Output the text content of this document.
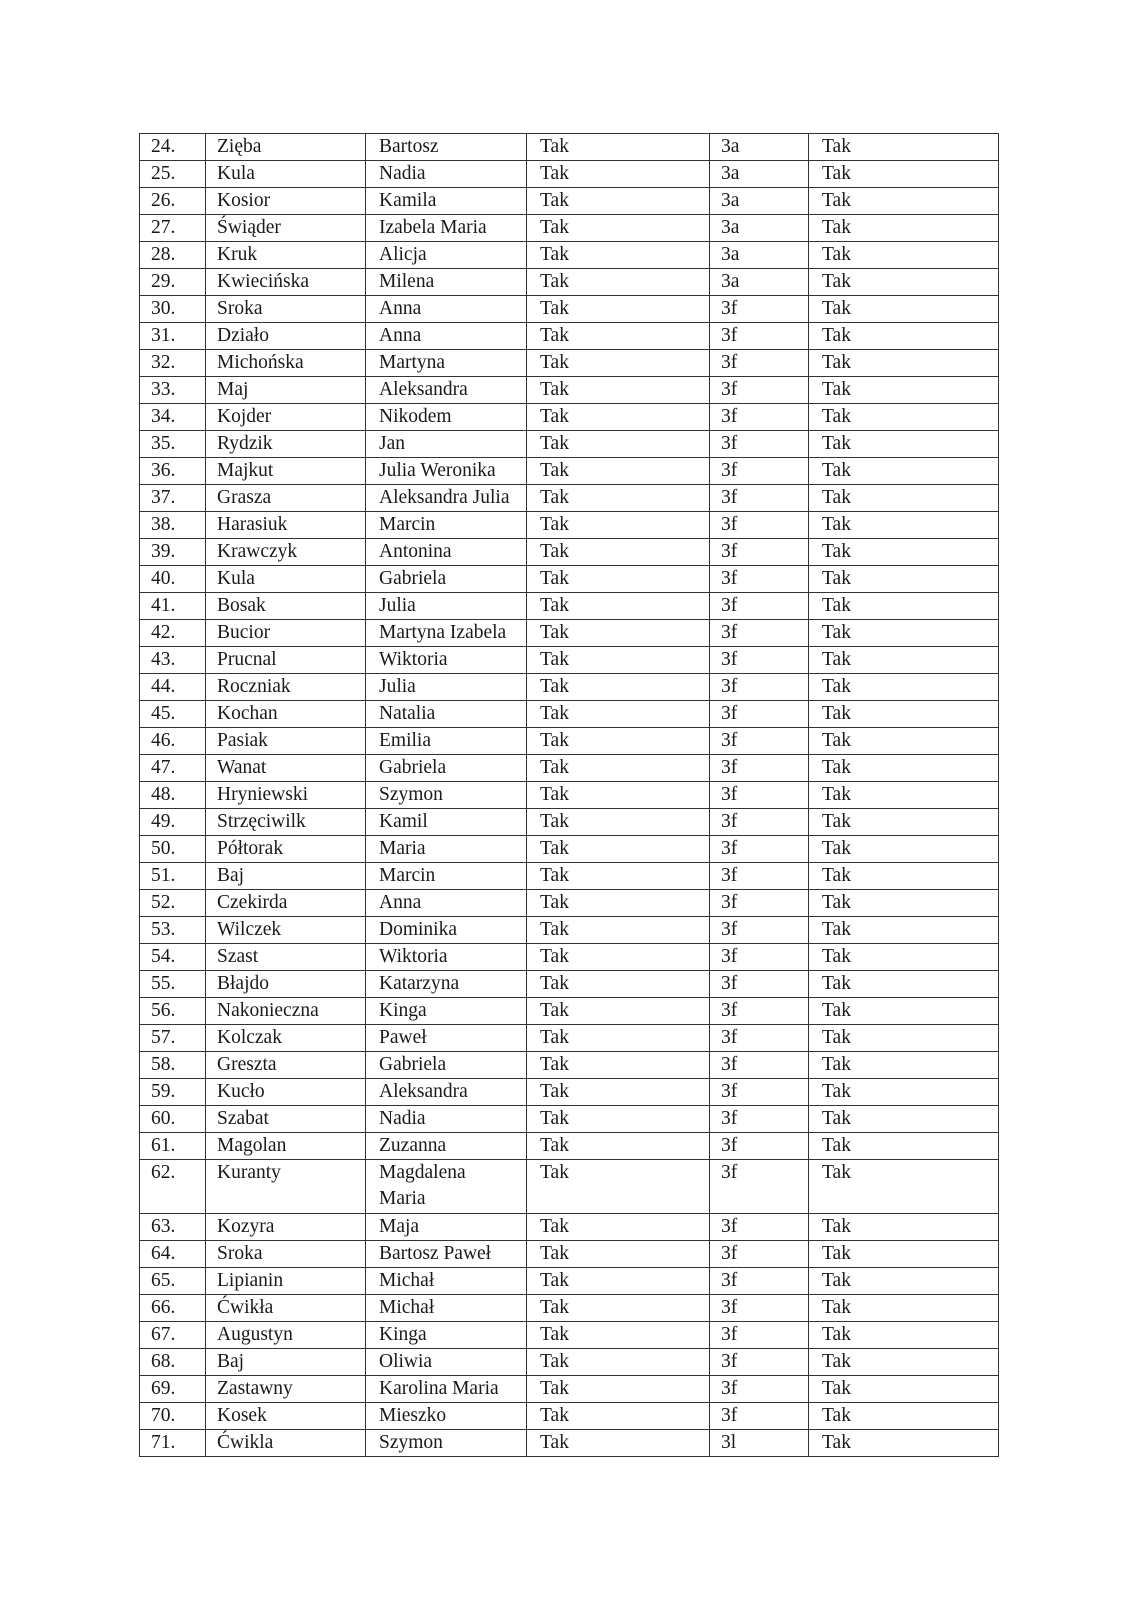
24.	Zięba	Bartosz	Tak	3a	Tak
25.	Kula	Nadia	Tak	3a	Tak
26.	Kosior	Kamila	Tak	3a	Tak
27.	Świąder	Izabela Maria	Tak	3a	Tak
28.	Kruk	Alicja	Tak	3a	Tak
29.	Kwiecińska	Milena	Tak	3a	Tak
30.	Sroka	Anna	Tak	3f	Tak
31.	Działo	Anna	Tak	3f	Tak
32.	Michońska	Martyna	Tak	3f	Tak
33.	Maj	Aleksandra	Tak	3f	Tak
34.	Kojder	Nikodem	Tak	3f	Tak
35.	Rydzik	Jan	Tak	3f	Tak
36.	Majkut	Julia Weronika	Tak	3f	Tak
37.	Grasza	Aleksandra Julia	Tak	3f	Tak
38.	Harasiuk	Marcin	Tak	3f	Tak
39.	Krawczyk	Antonina	Tak	3f	Tak
40.	Kula	Gabriela	Tak	3f	Tak
41.	Bosak	Julia	Tak	3f	Tak
42.	Bucior	Martyna Izabela	Tak	3f	Tak
43.	Prucnal	Wiktoria	Tak	3f	Tak
44.	Roczniak	Julia	Tak	3f	Tak
45.	Kochan	Natalia	Tak	3f	Tak
46.	Pasiak	Emilia	Tak	3f	Tak
47.	Wanat	Gabriela	Tak	3f	Tak
48.	Hryniewski	Szymon	Tak	3f	Tak
49.	Strzęciwilk	Kamil	Tak	3f	Tak
50.	Półtorak	Maria	Tak	3f	Tak
51.	Baj	Marcin	Tak	3f	Tak
52.	Czekirda	Anna	Tak	3f	Tak
53.	Wilczek	Dominika	Tak	3f	Tak
54.	Szast	Wiktoria	Tak	3f	Tak
55.	Błajdo	Katarzyna	Tak	3f	Tak
56.	Nakonieczna	Kinga	Tak	3f	Tak
57.	Kolczak	Paweł	Tak	3f	Tak
58.	Greszta	Gabriela	Tak	3f	Tak
59.	Kucło	Aleksandra	Tak	3f	Tak
60.	Szabat	Nadia	Tak	3f	Tak
61.	Magolan	Zuzanna	Tak	3f	Tak
62.	Kuranty	Magdalena Maria	Tak	3f	Tak
63.	Kozyra	Maja	Tak	3f	Tak
64.	Sroka	Bartosz Paweł	Tak	3f	Tak
65.	Lipianin	Michał	Tak	3f	Tak
66.	Ćwikła	Michał	Tak	3f	Tak
67.	Augustyn	Kinga	Tak	3f	Tak
68.	Baj	Oliwia	Tak	3f	Tak
69.	Zastawny	Karolina Maria	Tak	3f	Tak
70.	Kosek	Mieszko	Tak	3f	Tak
71.	Ćwikla	Szymon	Tak	3l	Tak
